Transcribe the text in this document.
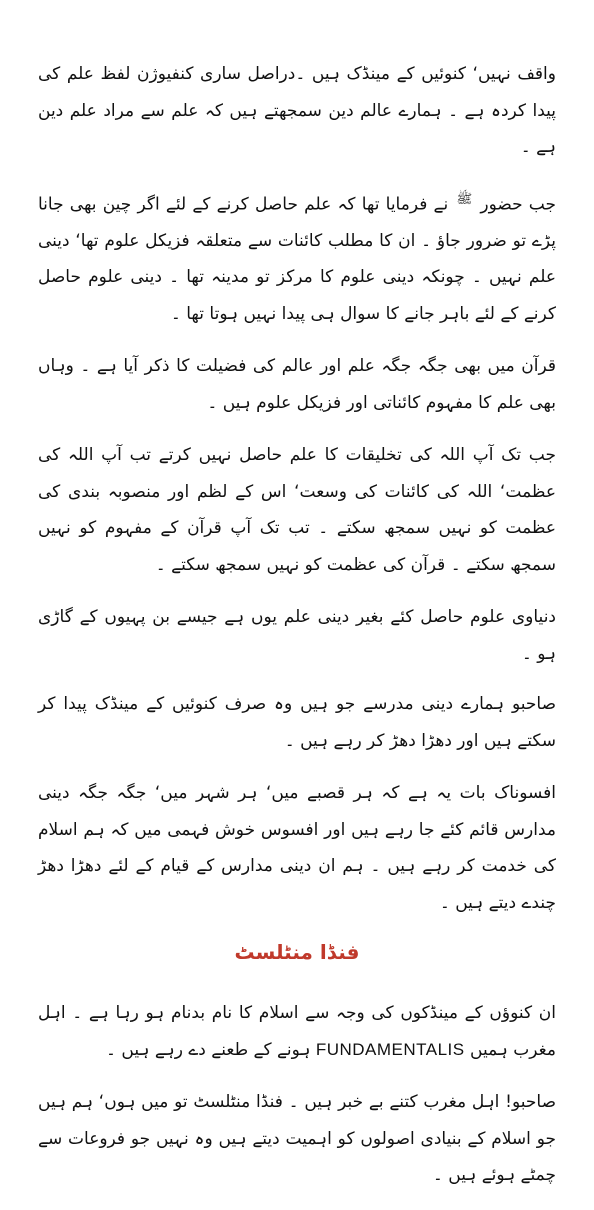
واقف نہیں‘ کنوئیں کے مینڈک ہیں ۔دراصل ساری کنفیوژن لفظ علم کی پیدا کردہ ہے ۔ ہمارے عالم دین سمجھتے ہیں کہ علم سے مراد علم دین ہے ۔

جب حضور $^ﷺ$ نے فرمایا تھا کہ علم حاصل کرنے کے لئے اگر چین بھی جانا پڑے تو ضرور جاؤ ۔ ان کا مطلب کائنات سے متعلقہ فزیکل علوم تھا‘ دینی علم نہیں ۔ چونکہ دینی علوم کا مرکز تو مدینہ تھا ۔ دینی علوم حاصل کرنے کے لئے باہر جانے کا سوال ہی پیدا نہیں ہوتا تھا ۔

قرآن میں بھی جگہ جگہ علم اور عالم کی فضیلت کا ذکر آیا ہے ۔ وہاں بھی علم کا مفہوم کائناتی اور فزیکل علوم ہیں ۔

جب تک آپ اللہ کی تخلیقات کا علم حاصل نہیں کرتے تب آپ اللہ کی عظمت‘ اللہ کی کائنات کی وسعت‘ اس کے لظم اور منصوبہ بندی کی عظمت کو نہیں سمجھ سکتے ۔ تب تک آپ قرآن کے مفہوم کو نہیں سمجھ سکتے ۔ قرآن کی عظمت کو نہیں سمجھ سکتے ۔

دنیاوی علوم حاصل کئے بغیر دینی علم یوں ہے جیسے بن پہیوں کے گاڑی ہو ۔

صاحبو ہمارے دینی مدرسے جو ہیں وہ صرف کنوئیں کے مینڈک پیدا کر سکتے ہیں اور دھڑا دھڑ کر رہے ہیں ۔

افسوناک بات یہ ہے کہ ہر قصبے میں‘ ہر شہر میں‘ جگہ جگہ دینی مدارس قائم کئے جا رہے ہیں اور افسوس خوش فہمی میں کہ ہم اسلام کی خدمت کر رہے ہیں ۔ ہم ان دینی مدارس کے قیام کے لئے دھڑا دھڑ چندے دیتے ہیں ۔

فنڈا منٹلسٹ

ان کنوؤں کے مینڈکوں کی وجہ سے اسلام کا نام بدنام ہو رہا ہے ۔ اہل مغرب ہمیں FUNDAMENTALIS ہونے کے طعنے دے رہے ہیں ۔

صاحبو! اہل مغرب کتنے بے خبر ہیں ۔ فنڈا منٹلسٹ تو میں ہوں‘ ہم ہیں جو اسلام کے بنیادی اصولوں کو اہمیت دیتے ہیں وہ نہیں جو فروعات سے چمٹے ہوئے ہیں ۔
